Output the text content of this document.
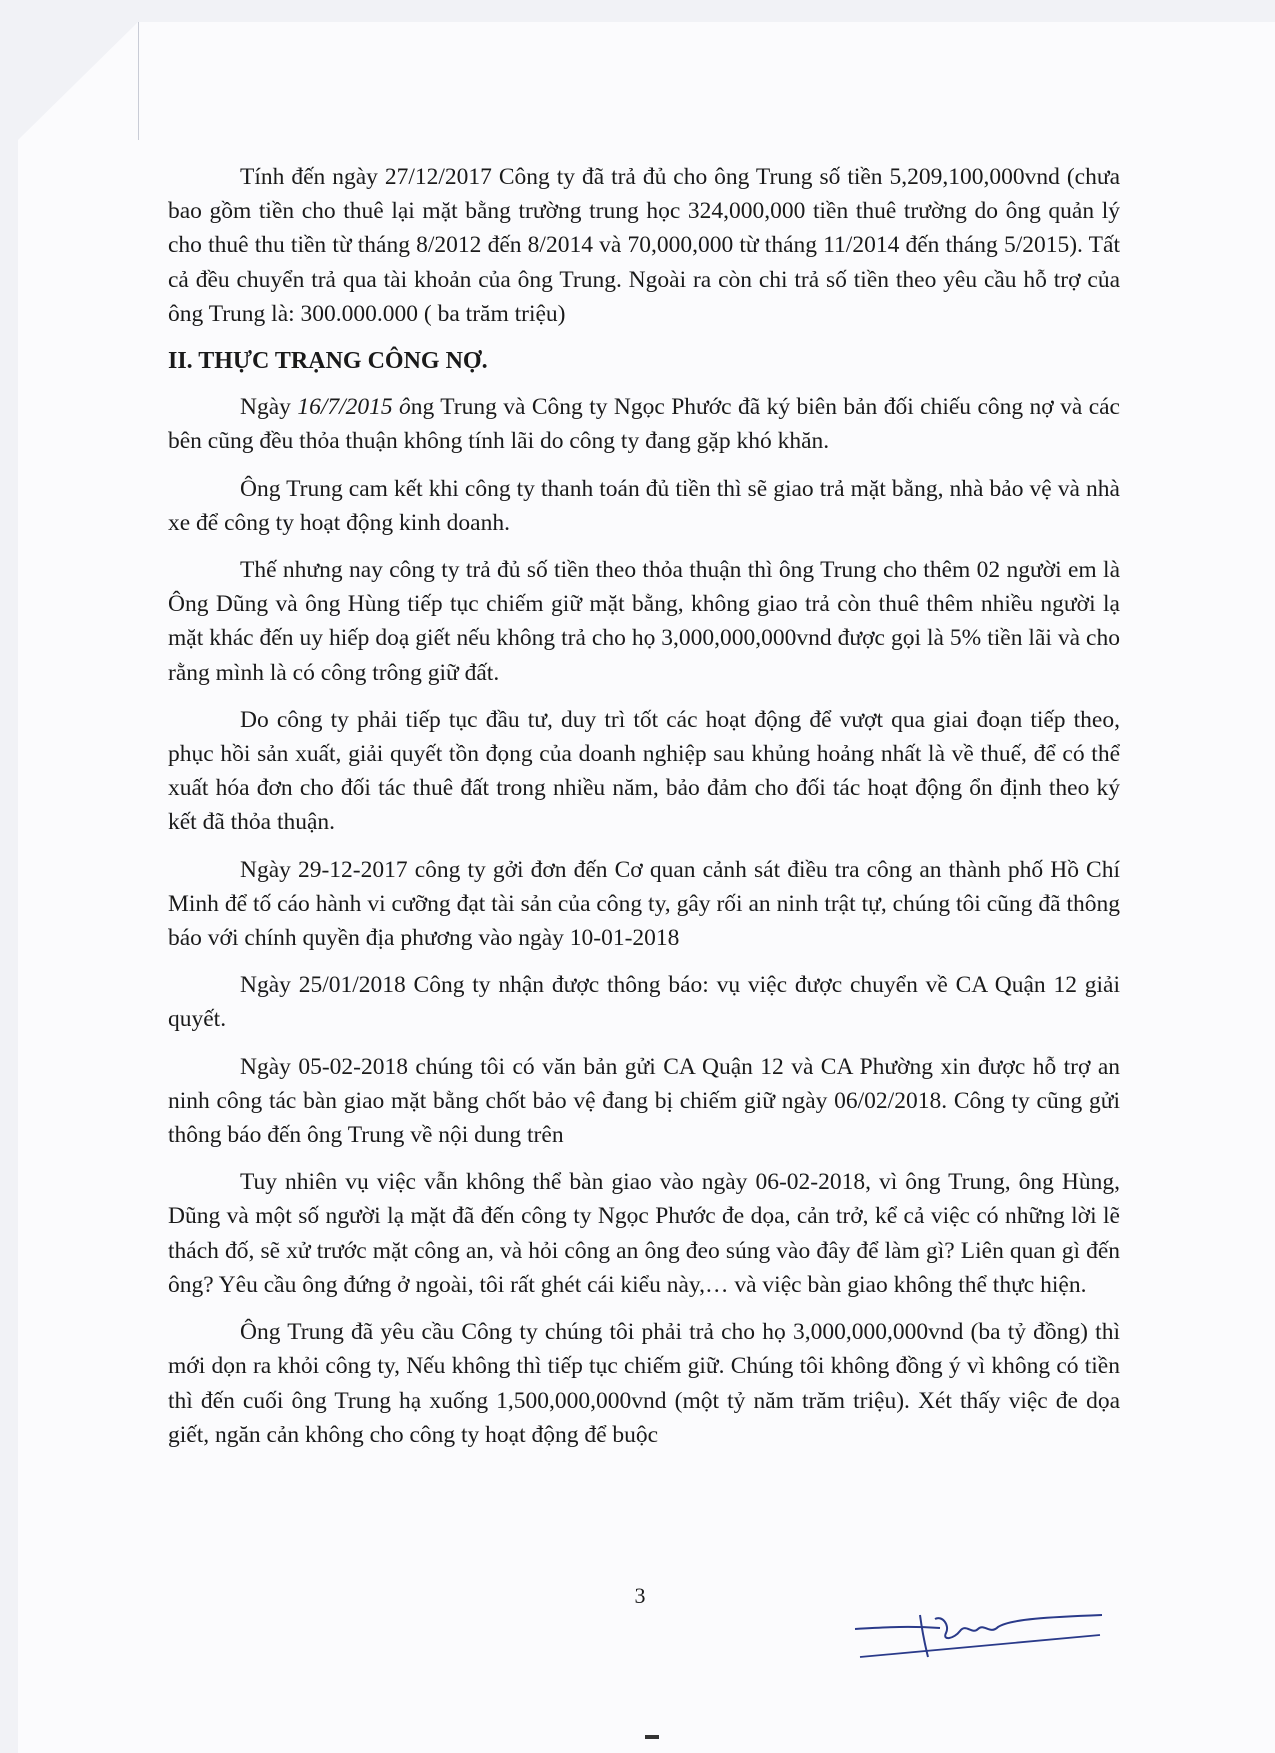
Tính đến ngày 27/12/2017 Công ty đã trả đủ cho ông Trung số tiền 5,209,100,000vnd (chưa bao gồm tiền cho thuê lại mặt bằng trường trung học 324,000,000 tiền thuê trường do ông quản lý cho thuê thu tiền từ tháng 8/2012 đến 8/2014 và 70,000,000 từ tháng 11/2014 đến tháng 5/2015). Tất cả đều chuyển trả qua tài khoản của ông Trung. Ngoài ra còn chi trả số tiền theo yêu cầu hỗ trợ của ông Trung là: 300.000.000 ( ba trăm triệu)

II. THỰC TRẠNG CÔNG NỢ.

Ngày 16/7/2015 ông Trung và Công ty Ngọc Phước đã ký biên bản đối chiếu công nợ và các bên cũng đều thỏa thuận không tính lãi do công ty đang gặp khó khăn.

Ông Trung cam kết khi công ty thanh toán đủ tiền thì sẽ giao trả mặt bằng, nhà bảo vệ và nhà xe để công ty hoạt động kinh doanh.

Thế nhưng nay công ty trả đủ số tiền theo thỏa thuận thì ông Trung cho thêm 02 người em là Ông Dũng và ông Hùng tiếp tục chiếm giữ mặt bằng, không giao trả còn thuê thêm nhiều người lạ mặt khác đến uy hiếp doạ giết nếu không trả cho họ 3,000,000,000vnd được gọi là 5% tiền lãi và cho rằng mình là có công trông giữ đất.

Do công ty phải tiếp tục đầu tư, duy trì tốt các hoạt động để vượt qua giai đoạn tiếp theo, phục hồi sản xuất, giải quyết tồn đọng của doanh nghiệp sau khủng hoảng nhất là về thuế, để có thể xuất hóa đơn cho đối tác thuê đất trong nhiều năm, bảo đảm cho đối tác hoạt động ổn định theo ký kết đã thỏa thuận.

Ngày 29-12-2017 công ty gởi đơn đến Cơ quan cảnh sát điều tra công an thành phố Hồ Chí Minh để tố cáo hành vi cưỡng đạt tài sản của công ty, gây rối an ninh trật tự, chúng tôi cũng đã thông báo với chính quyền địa phương vào ngày 10-01-2018

Ngày 25/01/2018 Công ty nhận được thông báo: vụ việc được chuyển về CA Quận 12 giải quyết.

Ngày 05-02-2018 chúng tôi có văn bản gửi CA Quận 12 và CA Phường xin được hỗ trợ an ninh công tác bàn giao mặt bằng chốt bảo vệ đang bị chiếm giữ ngày 06/02/2018. Công ty cũng gửi thông báo đến ông Trung về nội dung trên

Tuy nhiên vụ việc vẫn không thể bàn giao vào ngày 06-02-2018, vì ông Trung, ông Hùng, Dũng và một số người lạ mặt đã đến công ty Ngọc Phước đe dọa, cản trở, kể cả việc có những lời lẽ thách đố, sẽ xử trước mặt công an, và hỏi công an ông đeo súng vào đây để làm gì? Liên quan gì đến ông? Yêu cầu ông đứng ở ngoài, tôi rất ghét cái kiểu này,… và việc bàn giao không thể thực hiện.

Ông Trung đã yêu cầu Công ty chúng tôi phải trả cho họ 3,000,000,000vnd (ba tỷ đồng) thì mới dọn ra khỏi công ty, Nếu không thì tiếp tục chiếm giữ. Chúng tôi không đồng ý vì không có tiền thì đến cuối ông Trung hạ xuống 1,500,000,000vnd (một tỷ năm trăm triệu). Xét thấy việc đe dọa giết, ngăn cản không cho công ty hoạt động để buộc

3
